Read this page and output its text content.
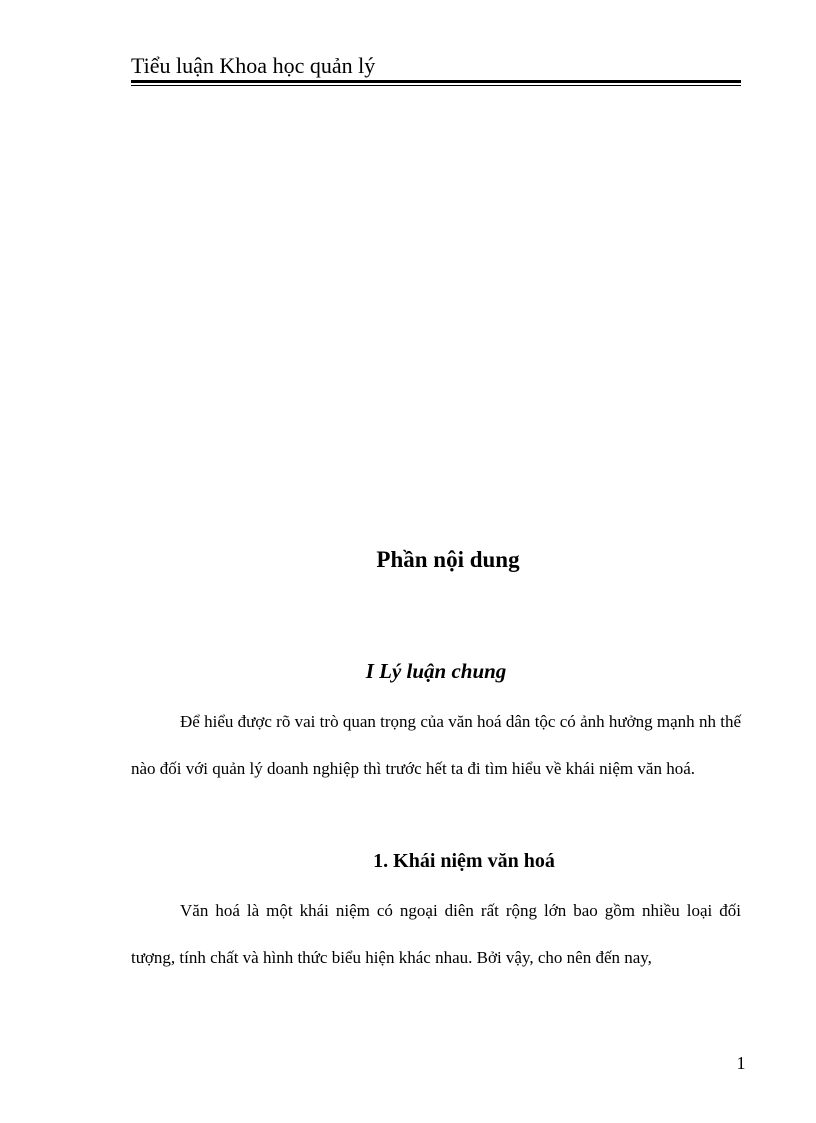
Tiểu luận Khoa học quản lý
Phần nội dung
I Lý luận chung

Để hiểu được rõ vai trò quan trọng của văn hoá dân tộc có ảnh hưởng mạnh nh thế nào đối với quản lý doanh nghiệp thì trước hết ta đi tìm hiểu về khái niệm văn hoá.

1. Khái niệm văn hoá

Văn hoá là một khái niệm có ngoại diên rất rộng lớn bao gồm nhiều loại đối tượng, tính chất và hình thức biểu hiện khác nhau. Bởi vậy, cho nên đến nay,

1
